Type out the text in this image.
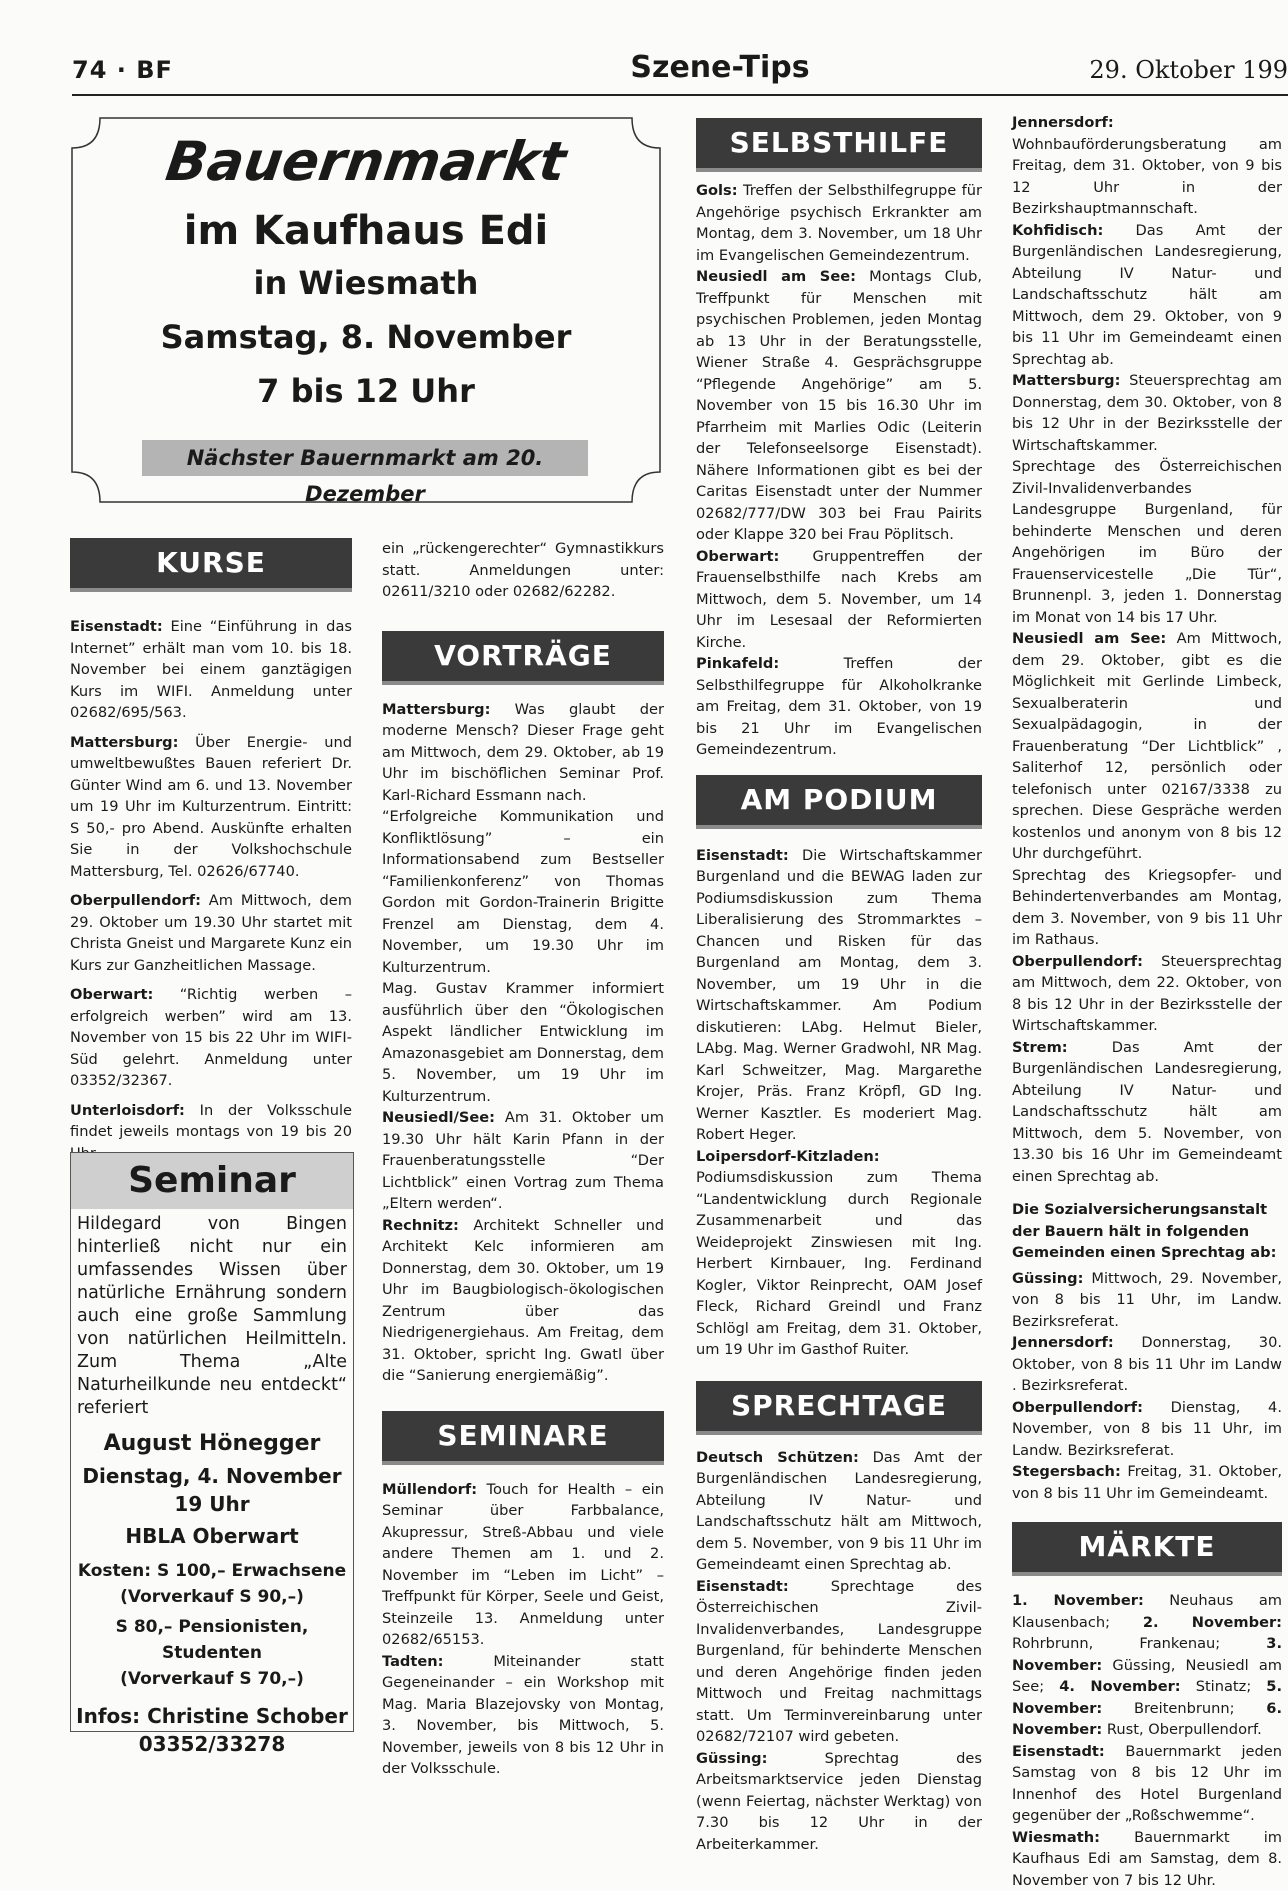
74 · BF	Szene-Tips	29. Oktober 199
Bauernmarkt
im Kaufhaus Edi
in Wiesmath
Samstag, 8. November
7 bis 12 Uhr
Nächster Bauernmarkt am 20. Dezember
KURSE

Eisenstadt: Eine “Einführung in das Internet” erhält man vom 10. bis 18. November bei einem ganztägigen Kurs im WIFI. Anmeldung unter 02682/695/563.

Mattersburg: Über Energie- und umweltbewußtes Bauen referiert Dr. Günter Wind am 6. und 13. November um 19 Uhr im Kulturzentrum. Eintritt: S 50,- pro Abend. Auskünfte erhalten Sie in der Volkshochschule Mattersburg, Tel. 02626/67740.

Oberpullendorf: Am Mittwoch, dem 29. Oktober um 19.30 Uhr startet mit Christa Gneist und Margarete Kunz ein Kurs zur Ganzheitlichen Massage.

Oberwart: “Richtig werben – erfolgreich werben” wird am 13. November von 15 bis 22 Uhr im WIFI-Süd gelehrt. Anmeldung unter 03352/32367.

Unterloisdorf: In der Volksschule findet jeweils montags von 19 bis 20

Seminar
Hildegard von Bingen hinterließ nicht nur ein umfassendes Wissen über natürliche Ernährung sondern auch eine große Sammlung von natürlichen Heilmitteln. Zum Thema „Alte Naturheilkunde neu entdeckt“ referiert
August Hönegger
Dienstag, 4. November
19 Uhr
HBLA Oberwart
Kosten: S 100,– Erwachsene
(Vorverkauf S 90,–)
S 80,– Pensionisten, Studenten
(Vorverkauf S 70,–)
Infos: Christine Schober
03352/33278

ein „rückengerechter“ Gymnastikkurs statt. Anmeldungen unter: 02611/3210 oder 02682/62282.

VORTRÄGE

Mattersburg: Was glaubt der moderne Mensch? Dieser Frage geht am Mittwoch, dem 29. Oktober, ab 19 Uhr im bischöflichen Seminar Prof. Karl-Richard Essmann nach.

“Erfolgreiche Kommunikation und Konfliktlösung” – ein Informationsabend zum Bestseller “Familienkonferenz” von Thomas Gordon mit Gordon-Trainerin Brigitte Frenzel am Dienstag, dem 4. November, um 19.30 Uhr im Kulturzentrum.

Mag. Gustav Krammer informiert ausführlich über den “Ökologischen Aspekt ländlicher Entwicklung im Amazonasgebiet am Donnerstag, dem 5. November, um 19 Uhr im Kulturzentrum.

Neusiedl/See: Am 31. Oktober um 19.30 Uhr hält Karin Pfann in der Frauenberatungsstelle “Der Lichtblick” einen Vortrag zum Thema „Eltern werden“.

Rechnitz: Architekt Schneller und Architekt Kelc informieren am Donnerstag, dem 30. Oktober, um 19 Uhr im Baugbiologisch-ökologischen Zentrum über das Niedrigenergiehaus. Am Freitag, dem 31. Oktober, spricht Ing. Gwatl über die “Sanierung energiemäßig”.

SEMINARE

Müllendorf: Touch for Health – ein Seminar über Farbbalance, Akupressur, Streß-Abbau und viele andere Themen am 1. und 2. November im “Leben im Licht” – Treffpunkt für Körper, Seele und Geist, Steinzeile 13. Anmeldung unter 02682/65153.

Tadten: Miteinander statt Gegeneinander – ein Workshop mit Mag. Maria Blazejovsky von Montag, 3. November, bis Mittwoch, 5. November, jeweils von 8 bis 12 Uhr in der Volksschule.

SELBSTHILFE

Gols: Treffen der Selbsthilfegruppe für Angehörige psychisch Erkrankter am Montag, dem 3. November, um 18 Uhr im Evangelischen Gemeindezentrum.

Neusiedl am See: Montags Club, Treffpunkt für Menschen mit psychischen Problemen, jeden Montag ab 13 Uhr in der Beratungsstelle, Wiener Straße 4. Gesprächsgruppe “Pflegende Angehörige” am 5. November von 15 bis 16.30 Uhr im Pfarrheim mit Marlies Odic (Leiterin der Telefonseelsorge Eisenstadt). Nähere Informationen gibt es bei der Caritas Eisenstadt unter der Nummer 02682/777/DW 303 bei Frau Pairits oder Klappe 320 bei Frau Pöplitsch.

Oberwart: Gruppentreffen der Frauenselbsthilfe nach Krebs am Mittwoch, dem 5. November, um 14 Uhr im Lesesaal der Reformierten Kirche.

Pinkafeld: Treffen der Selbsthilfegruppe für Alkoholkranke am Freitag, dem 31. Oktober, von 19 bis 21 Uhr im Evangelischen Gemeindezentrum.

AM PODIUM

Eisenstadt: Die Wirtschaftskammer Burgenland und die BEWAG laden zur Podiumsdiskussion zum Thema Liberalisierung des Strommarktes – Chancen und Risken für das Burgenland am Montag, dem 3. November, um 19 Uhr in die Wirtschaftskammer. Am Podium diskutieren: LAbg. Helmut Bieler, LAbg. Mag. Werner Gradwohl, NR Mag. Karl Schweitzer, Mag. Margarethe Krojer, Präs. Franz Kröpfl, GD Ing. Werner Kasztler. Es moderiert Mag. Robert Heger.

Loipersdorf-Kitzladen: Podiumsdiskussion zum Thema “Landentwicklung durch Regionale Zusammenarbeit und das Weideprojekt Zinswiesen mit Ing. Herbert Kirnbauer, Ing. Ferdinand Kogler, Viktor Reinprecht, OAM Josef Fleck, Richard Greindl und Franz Schlögl am Freitag, dem 31. Oktober, um 19 Uhr im Gasthof Ruiter.

SPRECHTAGE

Deutsch Schützen: Das Amt der Burgenländischen Landesregierung, Abteilung IV Natur- und Landschaftsschutz hält am Mittwoch, dem 5. November, von 9 bis 11 Uhr im Gemeindeamt einen Sprechtag ab.

Eisenstadt: Sprechtage des Österreichischen Zivil-Invalidenverbandes, Landesgruppe Burgenland, für behinderte Menschen und deren Angehörige finden jeden Mittwoch und Freitag nachmittags statt. Um Terminvereinbarung unter 02682/72107 wird gebeten.

Güssing: Sprechtag des Arbeitsmarktservice jeden Dienstag (wenn Feiertag, nächster Werktag) von 7.30 bis 12 Uhr in der Arbeiterkammer.

Jennersdorf: Wohnbauförderungsberatung am Freitag, dem 31. Oktober, von 9 bis 12 Uhr in der Bezirkshauptmannschaft.

Kohfidisch: Das Amt der Burgenländischen Landesregierung, Abteilung IV Natur- und Landschaftsschutz hält am Mittwoch, dem 29. Oktober, von 9 bis 11 Uhr im Gemeindeamt einen Sprechtag ab.

Mattersburg: Steuersprechtag am Donnerstag, dem 30. Oktober, von 8 bis 12 Uhr in der Bezirksstelle der Wirtschaftskammer.

Sprechtage des Österreichischen Zivil-Invalidenverbandes Landesgruppe Burgenland, für behinderte Menschen und deren Angehörigen im Büro der Frauenservicestelle „Die Tür“, Brunnenpl. 3, jeden 1. Donnerstag im Monat von 14 bis 17 Uhr.

Neusiedl am See: Am Mittwoch, dem 29. Oktober, gibt es die Möglichkeit mit Gerlinde Limbeck, Sexualberaterin und Sexualpädagogin, in der Frauenberatung “Der Lichtblick” , Saliterhof 12, persönlich oder telefonisch unter 02167/3338 zu sprechen. Diese Gespräche werden kostenlos und anonym von 8 bis 12 Uhr durchgeführt.

Sprechtag des Kriegsopfer- und Behindertenverbandes am Montag, dem 3. November, von 9 bis 11 Uhr im Rathaus.

Oberpullendorf: Steuersprechtag am Mittwoch, dem 22. Oktober, von 8 bis 12 Uhr in der Bezirksstelle der Wirtschaftskammer.

Strem: Das Amt der Burgenländischen Landesregierung, Abteilung IV Natur- und Landschaftsschutz hält am Mittwoch, dem 5. November, von 13.30 bis 16 Uhr im Gemeindeamt einen Sprechtag ab.

Die Sozialversicherungsanstalt der Bauern hält in folgenden Gemeinden einen Sprechtag ab:

Güssing: Mittwoch, 29. November, von 8 bis 11 Uhr, im Landw. Bezirksreferat.

Jennersdorf: Donnerstag, 30. Oktober, von 8 bis 11 Uhr im Landw . Bezirksreferat.

Oberpullendorf: Dienstag, 4. November, von 8 bis 11 Uhr, im Landw. Bezirksreferat.

Stegersbach: Freitag, 31. Oktober, von 8 bis 11 Uhr im Gemeindeamt.

MÄRKTE

1. November: Neuhaus am Klausenbach; 2. November: Rohrbrunn, Frankenau; 3. November: Güssing, Neusiedl am See; 4. November: Stinatz; 5. November: Breitenbrunn; 6. November: Rust, Oberpullendorf.

Eisenstadt: Bauernmarkt jeden Samstag von 8 bis 12 Uhr im Innenhof des Hotel Burgenland gegenüber der „Roßschwemme“.

Wiesmath: Bauernmarkt im Kaufhaus Edi am Samstag, dem 8. November von 7 bis 12 Uhr.
